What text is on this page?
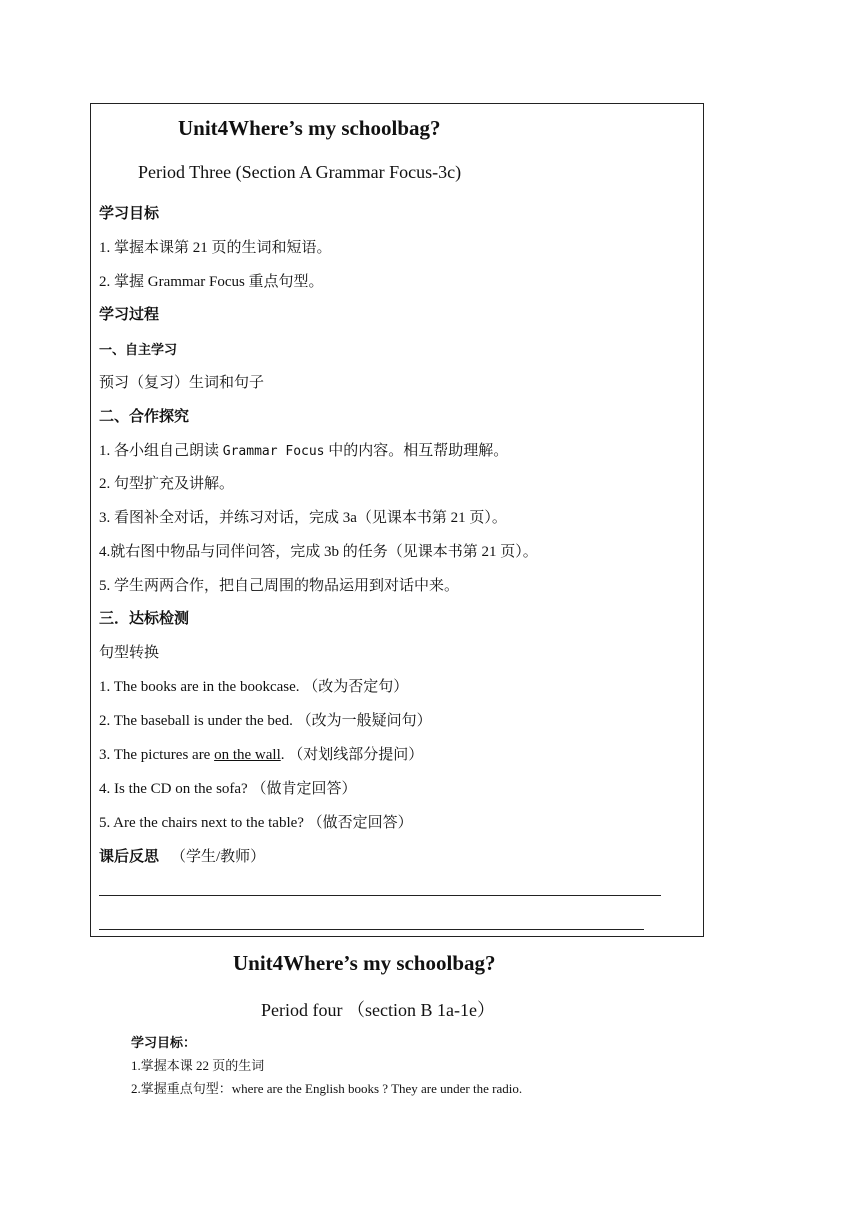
Unit4Where’s my schoolbag?
Period Three (Section A Grammar Focus-3c)
学习目标
1. 掌握本课第 21 页的生词和短语。
2. 掌握 Grammar Focus 重点句型。
学习过程
一、自主学习
预习（复习）生词和句子
二、合作探究
1. 各小组自己朗读 Grammar Focus 中的内容。相互帮助理解。
2. 句型扩充及讲解。
3. 看图补全对话，并练习对话，完成 3a（见课本书第 21 页）。
4.就右图中物品与同伴问答，完成 3b 的任务（见课本书第 21 页）。
5. 学生两两合作，把自己周围的物品运用到对话中来。
三．达标检测
句型转换
1. The books are in the bookcase. （改为否定句）
2. The baseball is under the bed. （改为一般疑问句）
3. The pictures are on the wall. （对划线部分提问）
4. Is the CD on the sofa? （做肯定回答）
5. Are the chairs next to the table? （做否定回答）
课后反思 （学生/教师）
Unit4Where’s my schoolbag?
Period four （section B 1a-1e）
学习目标：
1.掌握本课 22 页的生词
2.掌握重点句型：where are the English books ? They are under the radio.
